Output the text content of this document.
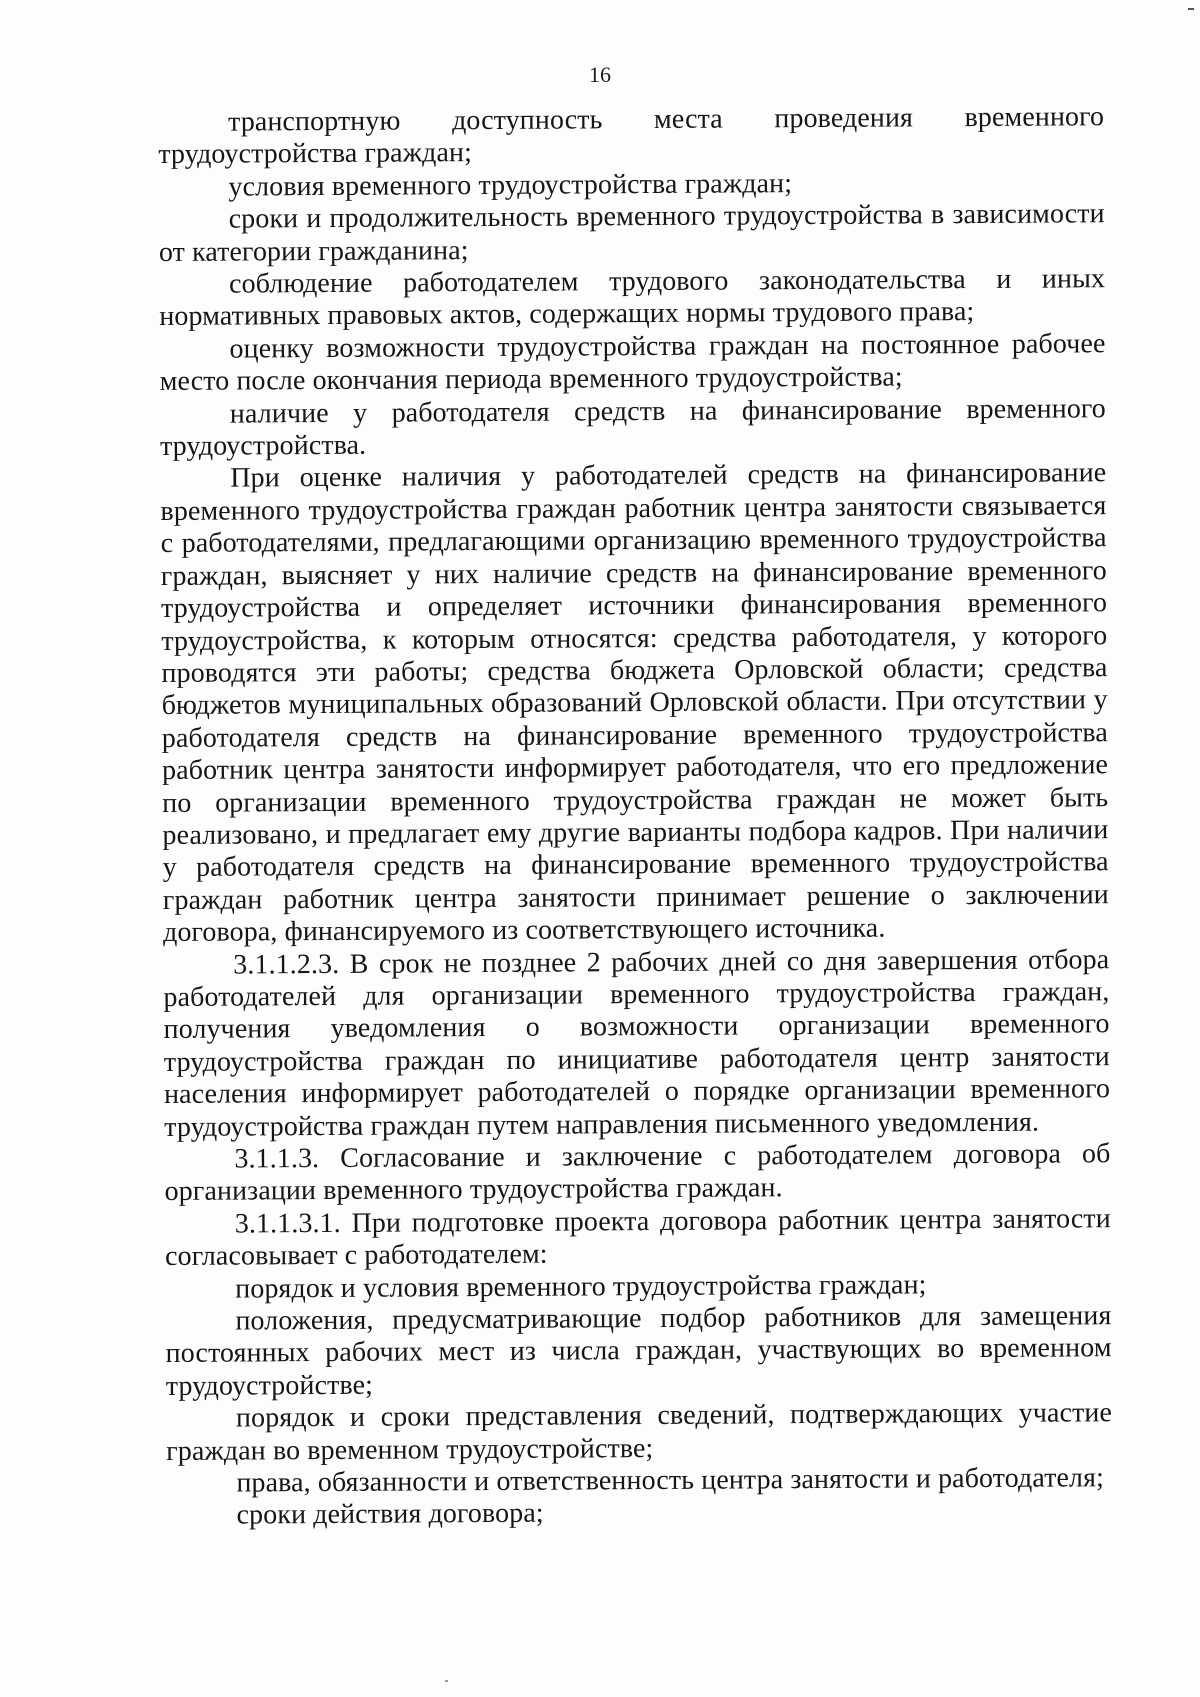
16

транспортную доступность места проведения временного трудоустройства граждан;

условия временного трудоустройства граждан;

сроки и продолжительность временного трудоустройства в зависимости от категории гражданина;

соблюдение работодателем трудового законодательства и иных нормативных правовых актов, содержащих нормы трудового права;

оценку возможности трудоустройства граждан на постоянное рабочее место после окончания периода временного трудоустройства;

наличие у работодателя средств на финансирование временного трудоустройства.

При оценке наличия у работодателей средств на финансирование временного трудоустройства граждан работник центра занятости связывается с работодателями, предлагающими организацию временного трудоустройства граждан, выясняет у них наличие средств на финансирование временного трудоустройства и определяет источники финансирования временного трудоустройства, к которым относятся: средства работодателя, у которого проводятся эти работы; средства бюджета Орловской области; средства бюджетов муниципальных образований Орловской области. При отсутствии у работодателя средств на финансирование временного трудоустройства работник центра занятости информирует работодателя, что его предложение по организации временного трудоустройства граждан не может быть реализовано, и предлагает ему другие варианты подбора кадров. При наличии у работодателя средств на финансирование временного трудоустройства граждан работник центра занятости принимает решение о заключении договора, финансируемого из соответствующего источника.

3.1.1.2.3. В срок не позднее 2 рабочих дней со дня завершения отбора работодателей для организации временного трудоустройства граждан, получения уведомления о возможности организации временного трудоустройства граждан по инициативе работодателя центр занятости населения информирует работодателей о порядке организации временного трудоустройства граждан путем направления письменного уведомления.

3.1.1.3. Согласование и заключение с работодателем договора об организации временного трудоустройства граждан.

3.1.1.3.1. При подготовке проекта договора работник центра занятости согласовывает с работодателем:

порядок и условия временного трудоустройства граждан;

положения, предусматривающие подбор работников для замещения постоянных рабочих мест из числа граждан, участвующих во временном трудоустройстве;

порядок и сроки представления сведений, подтверждающих участие граждан во временном трудоустройстве;

права, обязанности и ответственность центра занятости и работодателя;

сроки действия договора;
